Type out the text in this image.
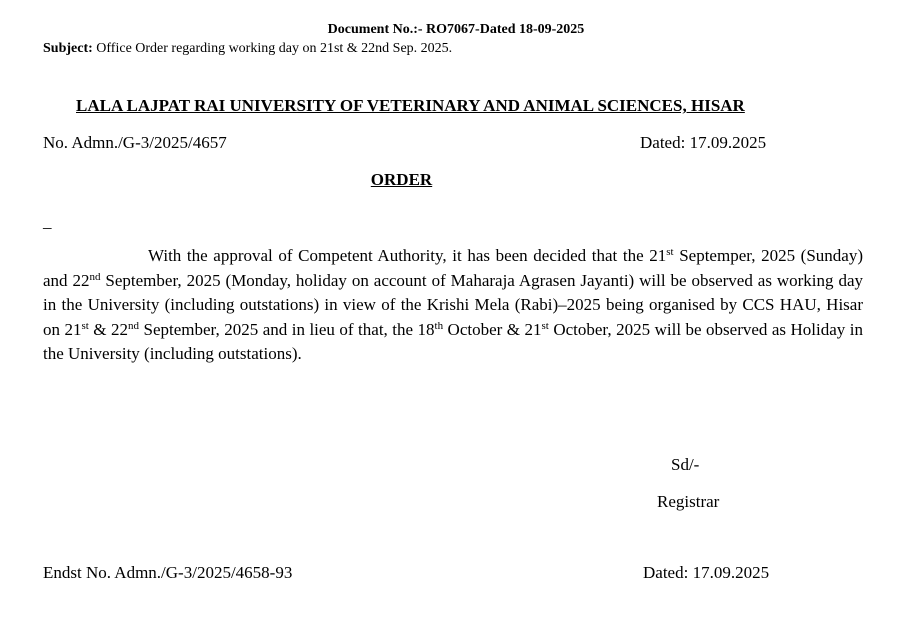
Document No.:- RO7067-Dated 18-09-2025
Subject: Office Order regarding working day on 21st & 22nd Sep. 2025.
LALA LAJPAT RAI UNIVERSITY OF VETERINARY AND ANIMAL SCIENCES, HISAR
No. Admn./G-3/2025/4657	Dated: 17.09.2025
ORDER
_
With the approval of Competent Authority, it has been decided that the 21st Septemper, 2025 (Sunday) and 22nd September, 2025 (Monday, holiday on account of Maharaja Agrasen Jayanti) will be observed as working day in the University (including outstations) in view of the Krishi Mela (Rabi)–2025 being organised by CCS HAU, Hisar on 21st & 22nd September, 2025 and in lieu of that, the 18th October & 21st October, 2025 will be observed as Holiday in the University (including outstations).
Sd/-
Registrar
Endst No. Admn./G-3/2025/4658-93	Dated: 17.09.2025
